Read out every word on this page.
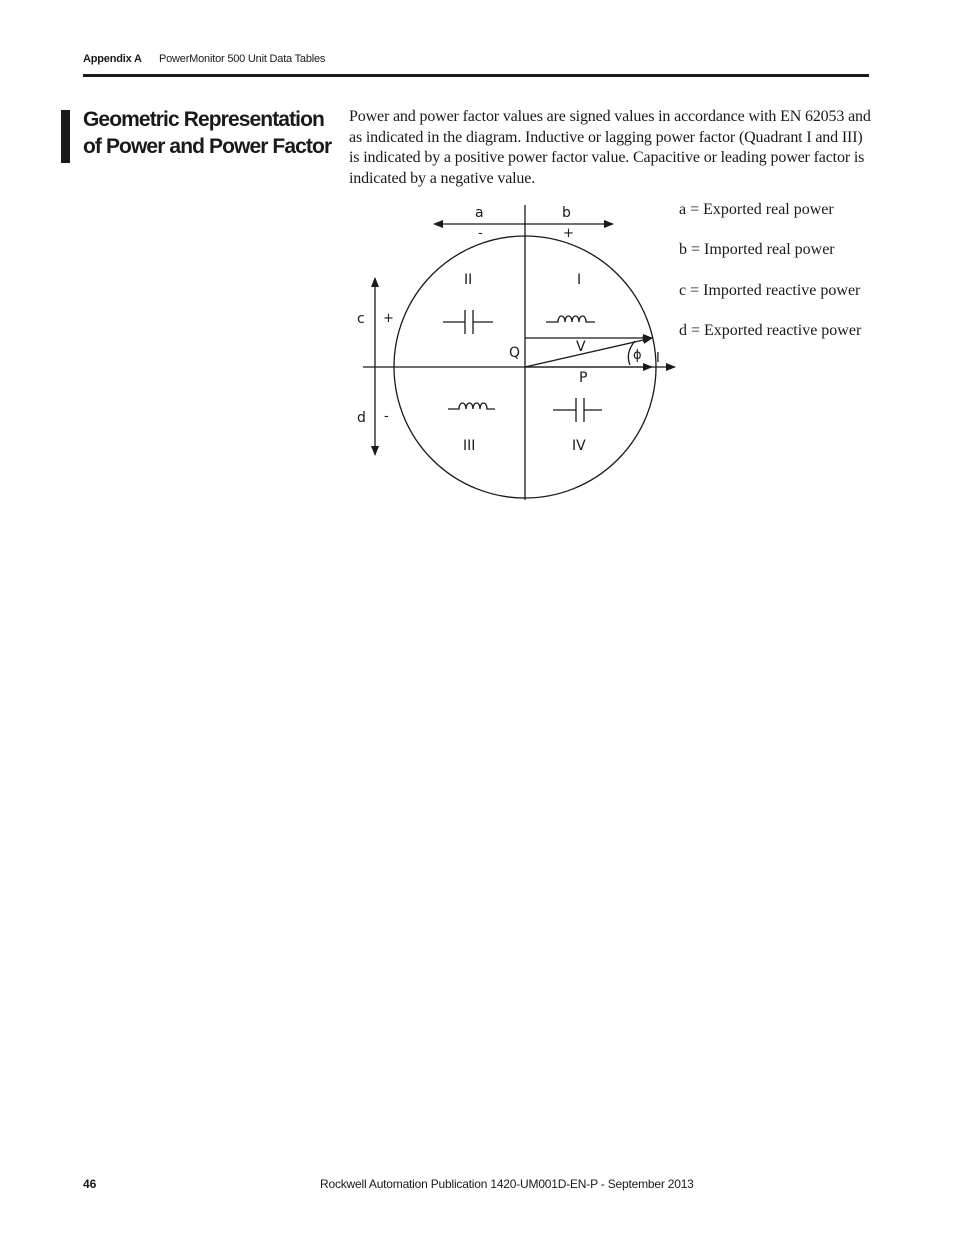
Appendix A PowerMonitor 500 Unit Data Tables
Geometric Representation of Power and Power Factor
Power and power factor values are signed values in accordance with EN 62053 and as indicated in the diagram. Inductive or lagging power factor (Quadrant I and III) is indicated by a positive power factor value. Capacitive or leading power factor is indicated by a negative value.
a	b
-	+
c +
d -
I
II
III	IV
Q	V
P
ϕ I
a = Exported real power
b = Imported real power
c = Imported reactive power
d = Exported reactive power
46	Rockwell Automation Publication 1420-UM001D-EN-P - September 2013
